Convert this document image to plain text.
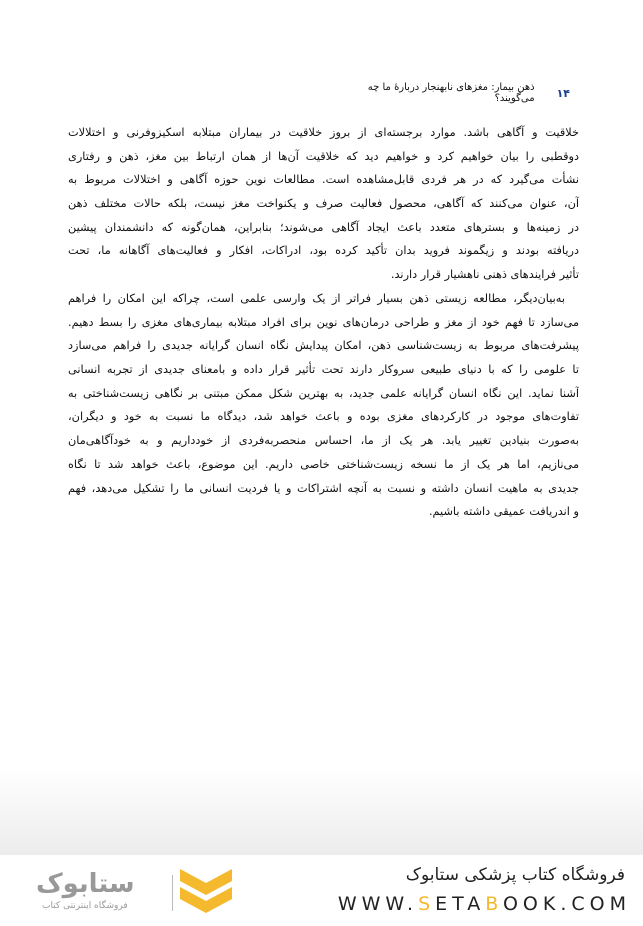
۱۴
ذهن بیمار: مغزهای نابهنجار دربارهٔ ما چه می‌گویند؟
خلاقیت و آگاهی باشد. موارد برجسته‌ای از بروز خلاقیت در بیماران مبتلابه اسکیزوفرنی و اختلالات
دوقطبی را بیان خواهیم کرد و خواهیم دید که خلاقیت آن‌ها از همان ارتباط بین مغز، ذهن و رفتاری
نشأت می‌گیرد که در هر فردی قابل‌مشاهده است. مطالعات نوین حوزه آگاهی و اختلالات مربوط به
آن، عنوان می‌کنند که آگاهی، محصول فعالیت صرف و یکنواخت مغز نیست، بلکه حالات مختلف ذهن
در زمینه‌ها و بسترهای متعدد باعث ایجاد آگاهی می‌شوند؛ بنابراین، همان‌گونه که دانشمندان پیشین
دریافته بودند و زیگموند فروید بدان تأکید کرده بود، ادراکات، افکار و فعالیت‌های آگاهانه ما، تحت
تأثیر فرایندهای ذهنی ناهشیار قرار دارند.
به‌بیان‌دیگر، مطالعه زیستی ذهن بسیار فراتر از یک وارسی علمی است، چراکه این امکان را فراهم
می‌سازد تا فهم خود از مغز و طراحی درمان‌های نوین برای افراد مبتلابه بیماری‌های مغزی را بسط دهیم.
پیشرفت‌های مربوط به زیست‌شناسی ذهن، امکان پیدایش نگاه انسان گرایانه جدیدی را فراهم می‌سازد
تا علومی را که با دنیای طبیعی سروکار دارند تحت تأثیر قرار داده و بامعنای جدیدی از تجربه انسانی
آشنا نماید. این نگاه انسان گرایانه علمی جدید، به بهترین شکل ممکن مبتنی بر نگاهی زیست‌شناختی به
تفاوت‌های موجود در کارکردهای مغزی بوده و باعث خواهد شد، دیدگاه ما نسبت به خود و دیگران،
به‌صورت بنیادین تغییر یابد. هر یک از ما، احساس منحصربه‌فردی از خودداریم و به خودآگاهی‌مان
می‌نازیم، اما هر یک از ما نسخه زیست‌شناختی خاصی داریم. این موضوع، باعث خواهد شد تا نگاه
جدیدی به ماهیت انسان داشته و نسبت به آنچه اشتراکات و یا فردیت انسانی ما را تشکیل می‌دهد، فهم
و اندریافت عمیقی داشته باشیم.
ستابوک
فروشگاه اینترنتی کتاب
فروشگاه کتاب پزشکی ستابوک
WWW.SETABOOK.COM
